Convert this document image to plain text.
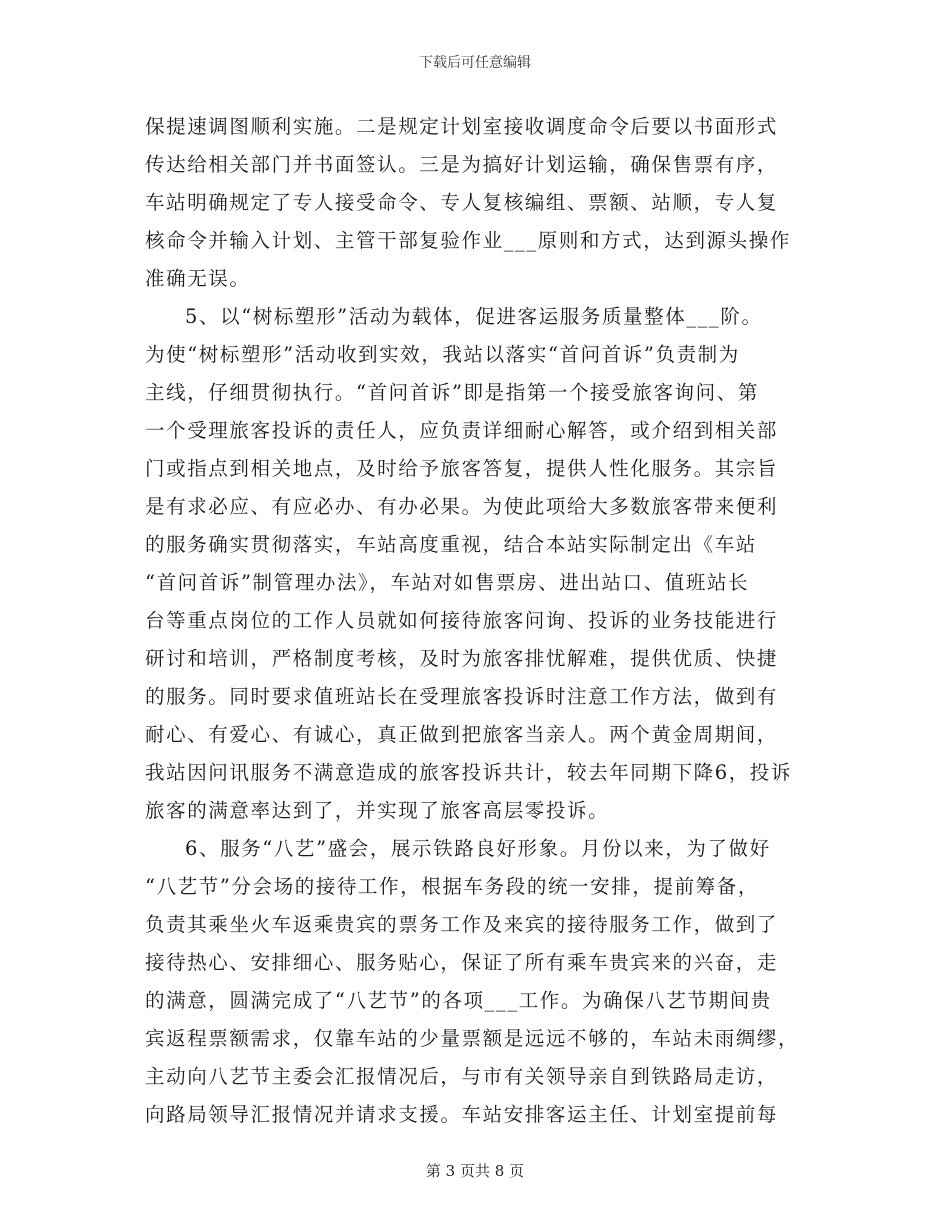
下载后可任意编辑
保提速调图顺利实施。二是规定计划室接收调度命令后要以书面形式
传达给相关部门并书面签认。三是为搞好计划运输，确保售票有序，
车站明确规定了专人接受命令、专人复核编组、票额、站顺，专人复
核命令并输入计划、主管干部复验作业___原则和方式，达到源头操作
准确无误。
5、以“树标塑形”活动为载体，促进客运服务质量整体___阶。
为使“树标塑形”活动收到实效，我站以落实“首问首诉”负责制为
主线，仔细贯彻执行。“首问首诉”即是指第一个接受旅客询问、第
一个受理旅客投诉的责任人，应负责详细耐心解答，或介绍到相关部
门或指点到相关地点，及时给予旅客答复，提供人性化服务。其宗旨
是有求必应、有应必办、有办必果。为使此项给大多数旅客带来便利
的服务确实贯彻落实，车站高度重视，结合本站实际制定出《车站
“首问首诉”制管理办法》，车站对如售票房、进出站口、值班站长
台等重点岗位的工作人员就如何接待旅客问询、投诉的业务技能进行
研讨和培训，严格制度考核，及时为旅客排忧解难，提供优质、快捷
的服务。同时要求值班站长在受理旅客投诉时注意工作方法，做到有
耐心、有爱心、有诚心，真正做到把旅客当亲人。两个黄金周期间，
我站因问讯服务不满意造成的旅客投诉共计，较去年同期下降6，投诉
旅客的满意率达到了，并实现了旅客高层零投诉。
6、服务“八艺”盛会，展示铁路良好形象。月份以来，为了做好
“八艺节”分会场的接待工作，根据车务段的统一安排，提前筹备，
负责其乘坐火车返乘贵宾的票务工作及来宾的接待服务工作，做到了
接待热心、安排细心、服务贴心，保证了所有乘车贵宾来的兴奋，走
的满意，圆满完成了“八艺节”的各项___工作。为确保八艺节期间贵
宾返程票额需求，仅靠车站的少量票额是远远不够的，车站未雨绸缪，
主动向八艺节主委会汇报情况后，与市有关领导亲自到铁路局走访，
向路局领导汇报情况并请求支援。车站安排客运主任、计划室提前每
第 3 页共 8 页
